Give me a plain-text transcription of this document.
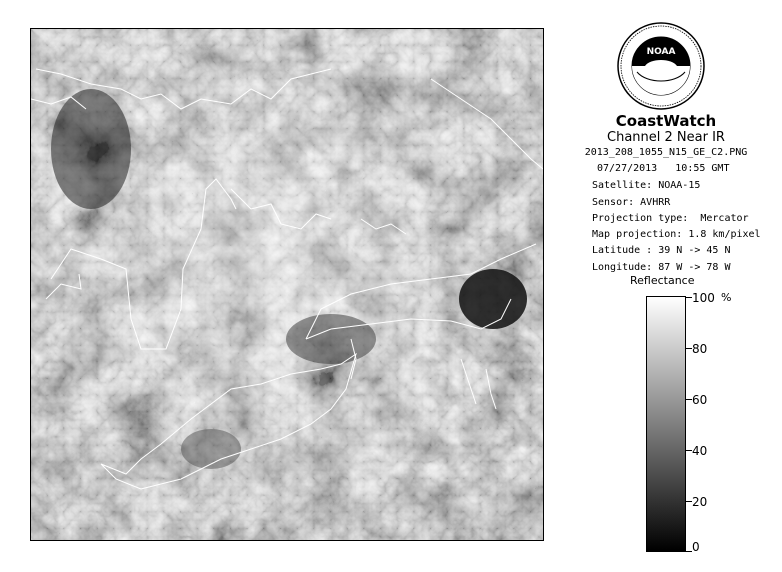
NOAA
CoastWatch
Channel 2 Near IR
2013_208_1055_N15_GE_C2.PNG
07/27/2013 10:55 GMT
Satellite: NOAA-15
Sensor: AVHRR
Projection type:  Mercator
Map projection: 1.8 km/pixel
Latitude : 39 N -> 45 N
Longitude: 87 W -> 78 W
Reflectance
%
100
80
60
40
20
0
